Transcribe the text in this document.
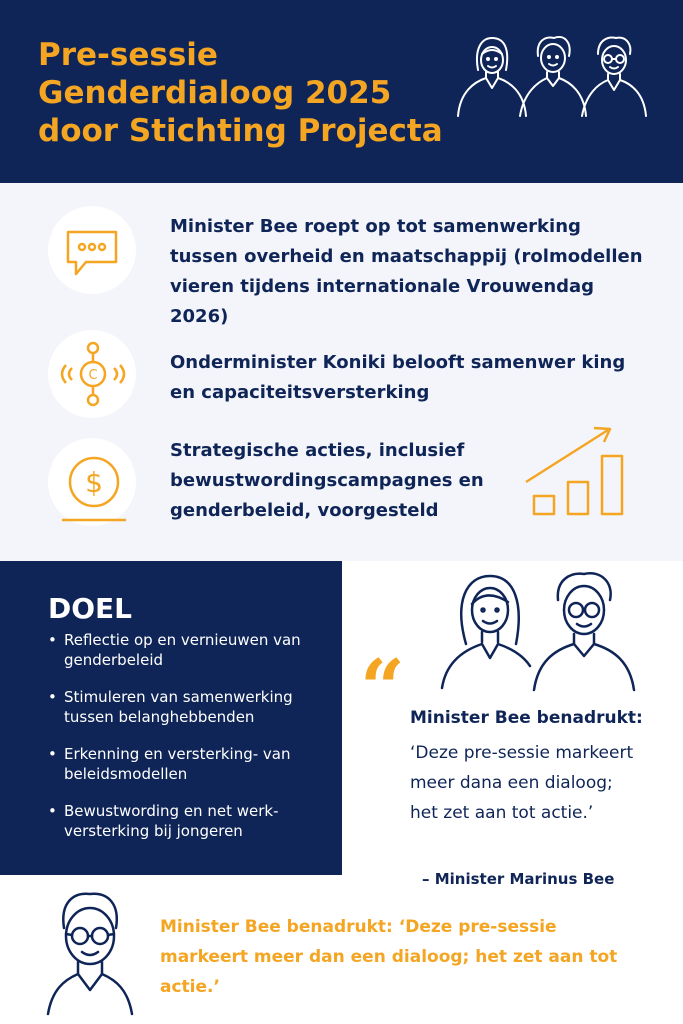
Pre-sessie
Genderdialoog 2025
door Stichting Projecta

Minister Bee roept op tot samenwerking tussen overheid en maatschappij (rolmodellen vieren tijdens internationale Vrouwendag 2026)

C

Onderminister Koniki belooft samenwer king en capaciteitsversterking

$

Strategische acties, inclusief bewustwordingscampagnes en genderbeleid, voorgesteld

DOEL
• Reflectie op en vernieuwen van genderbeleid
• Stimuleren van samenwerking tussen belanghebbenden
• Erkenning en versterking- van beleidsmodellen
• Bewustwording en net werk- versterking bij jongeren
“ Minister Bee benadrukt:

‘Deze pre-sessie markeert meer dana een dialoog; het zet aan tot actie.’

– Minister Marinus Bee

Minister Bee benadrukt: ‘Deze pre-sessie markeert meer dan een dialoog; het zet aan tot actie.’
